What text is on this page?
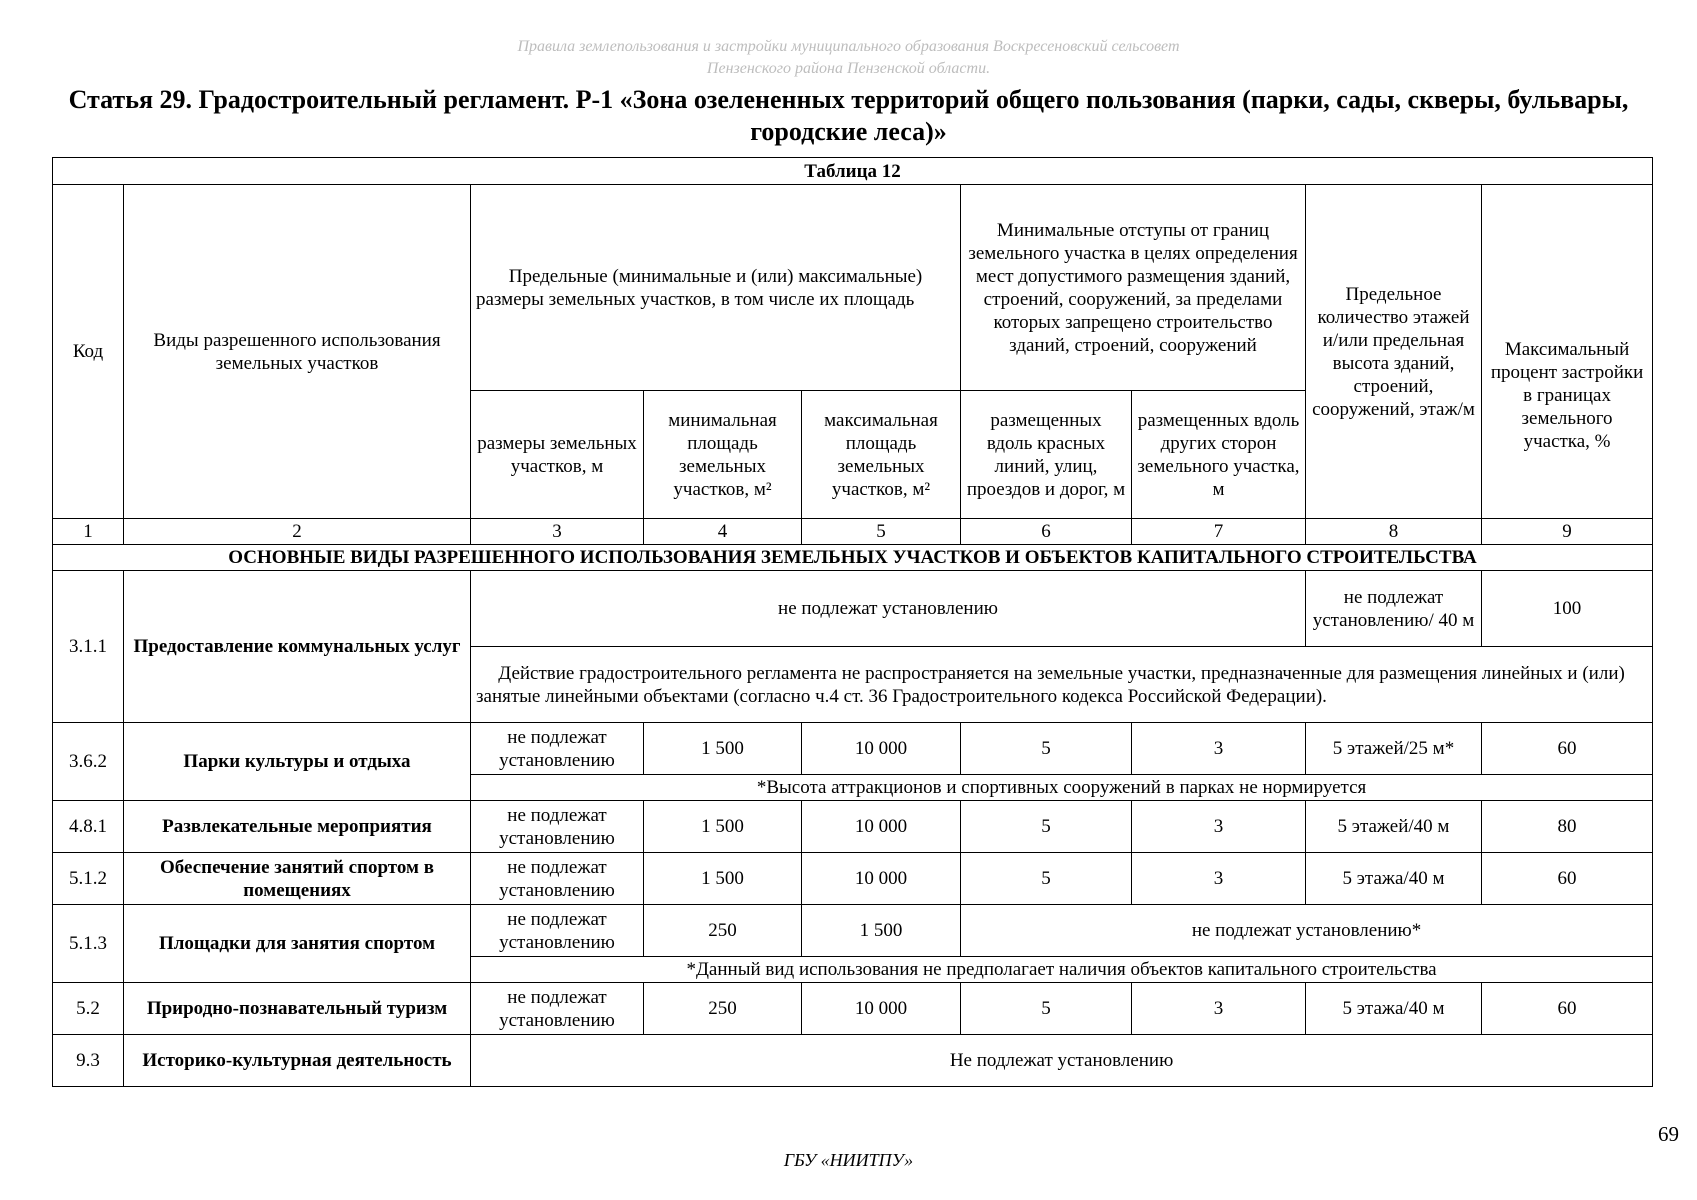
Правила землепользования и застройки муниципального образования Воскресеновский сельсовет
Пензенского района Пензенской области.
Статья 29. Градостроительный регламент. Р-1 «Зона озелененных территорий общего пользования (парки, сады, скверы, бульвары, городские леса)»
Таблица 12								
Код	Виды разрешенного использования земельных участков	Предельные (минимальные и (или) максимальные) размеры земельных участков, в том числе их площадь			Минимальные отступы от границ земельного участка в целях определения мест допустимого размещения зданий, строений, сооружений, за пределами которых запрещено строительство зданий, строений, сооружений		Предельное количество этажей и/или предельная высота зданий, строений, сооружений, этаж/м	Максимальный процент застройки в границах земельного участка, %
		размеры земельных участков, м	минимальная площадь земельных участков, м²	максимальная площадь земельных участков, м²	размещенных вдоль красных линий, улиц, проездов и дорог, м	размещенных вдоль других сторон земельного участка, м		
1	2	3	4	5	6	7	8	9
ОСНОВНЫЕ ВИДЫ РАЗРЕШЕННОГО ИСПОЛЬЗОВАНИЯ ЗЕМЕЛЬНЫХ УЧАСТКОВ И ОБЪЕКТОВ КАПИТАЛЬНОГО СТРОИТЕЛЬСТВА								
3.1.1	Предоставление коммунальных услуг	не подлежат установлению					не подлежат установлению/ 40 м	100
		Действие градостроительного регламента не распространяется на земельные участки, предназначенные для размещения линейных и (или) занятые линейными объектами (согласно ч.4 ст. 36 Градостроительного кодекса Российской Федерации).						
3.6.2	Парки культуры и отдыха	не подлежат установлению	1 500	10 000	5	3	5 этажей/25 м*	60
		*Высота аттракционов и спортивных сооружений в парках не нормируется						
4.8.1	Развлекательные мероприятия	не подлежат установлению	1 500	10 000	5	3	5 этажей/40 м	80
5.1.2	Обеспечение занятий спортом в помещениях	не подлежат установлению	1 500	10 000	5	3	5 этажа/40 м	60
5.1.3	Площадки для занятия спортом	не подлежат установлению	250	1 500	не подлежат установлению*			
		*Данный вид использования не предполагает наличия объектов капитального строительства						
5.2	Природно-познавательный туризм	не подлежат установлению	250	10 000	5	3	5 этажа/40 м	60
9.3	Историко-культурная деятельность	Не подлежат установлению						
69
ГБУ «НИИТПУ»
